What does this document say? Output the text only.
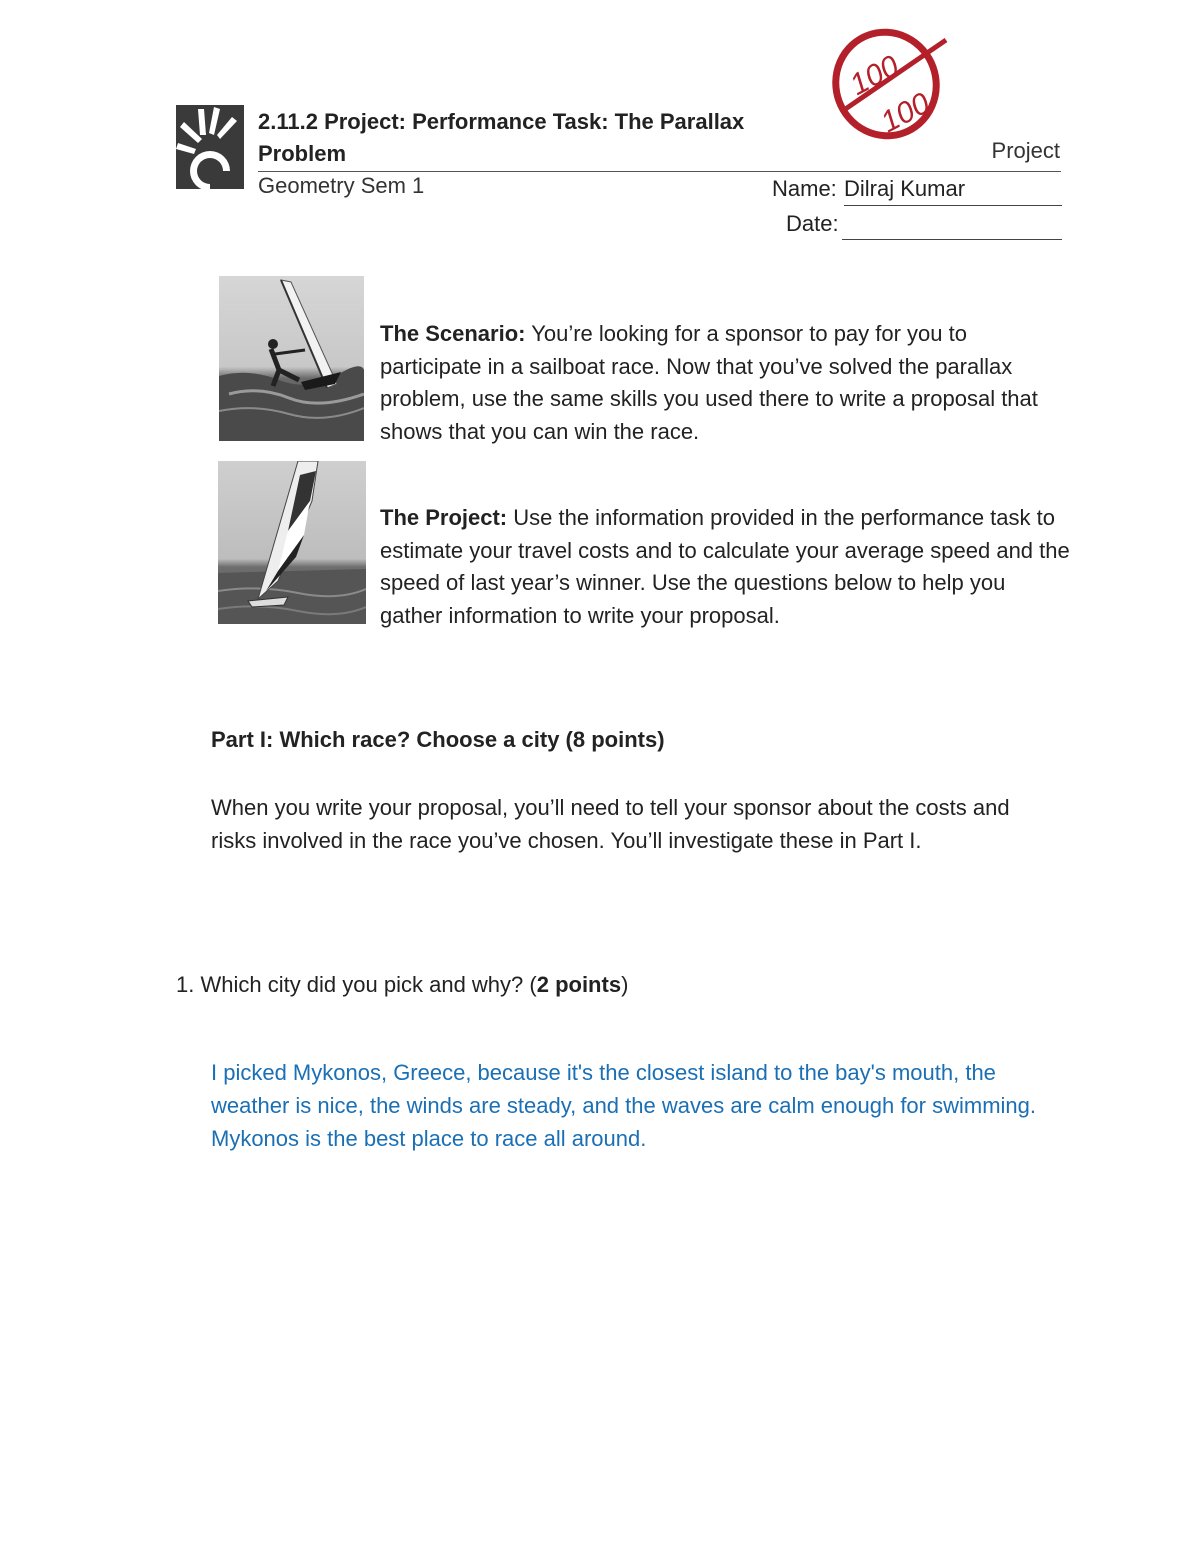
2.11.2 Project: Performance Task: The Parallax Problem	Project
Geometry Sem 1	Name: Dilraj Kumar
Date:
100
100
The Scenario: You’re looking for a sponsor to pay for you to participate in a sailboat race. Now that you’ve solved the parallax problem, use the same skills you used there to write a proposal that shows that you can win the race.
The Project: Use the information provided in the performance task to estimate your travel costs and to calculate your average speed and the speed of last year’s winner. Use the questions below to help you gather information to write your proposal.
Part I: Which race? Choose a city (8 points)
When you write your proposal, you’ll need to tell your sponsor about the costs and risks involved in the race you’ve chosen. You’ll investigate these in Part I.
1. Which city did you pick and why? (2 points)
I picked Mykonos, Greece, because it's the closest island to the bay's mouth, the weather is nice, the winds are steady, and the waves are calm enough for swimming. Mykonos is the best place to race all around.
